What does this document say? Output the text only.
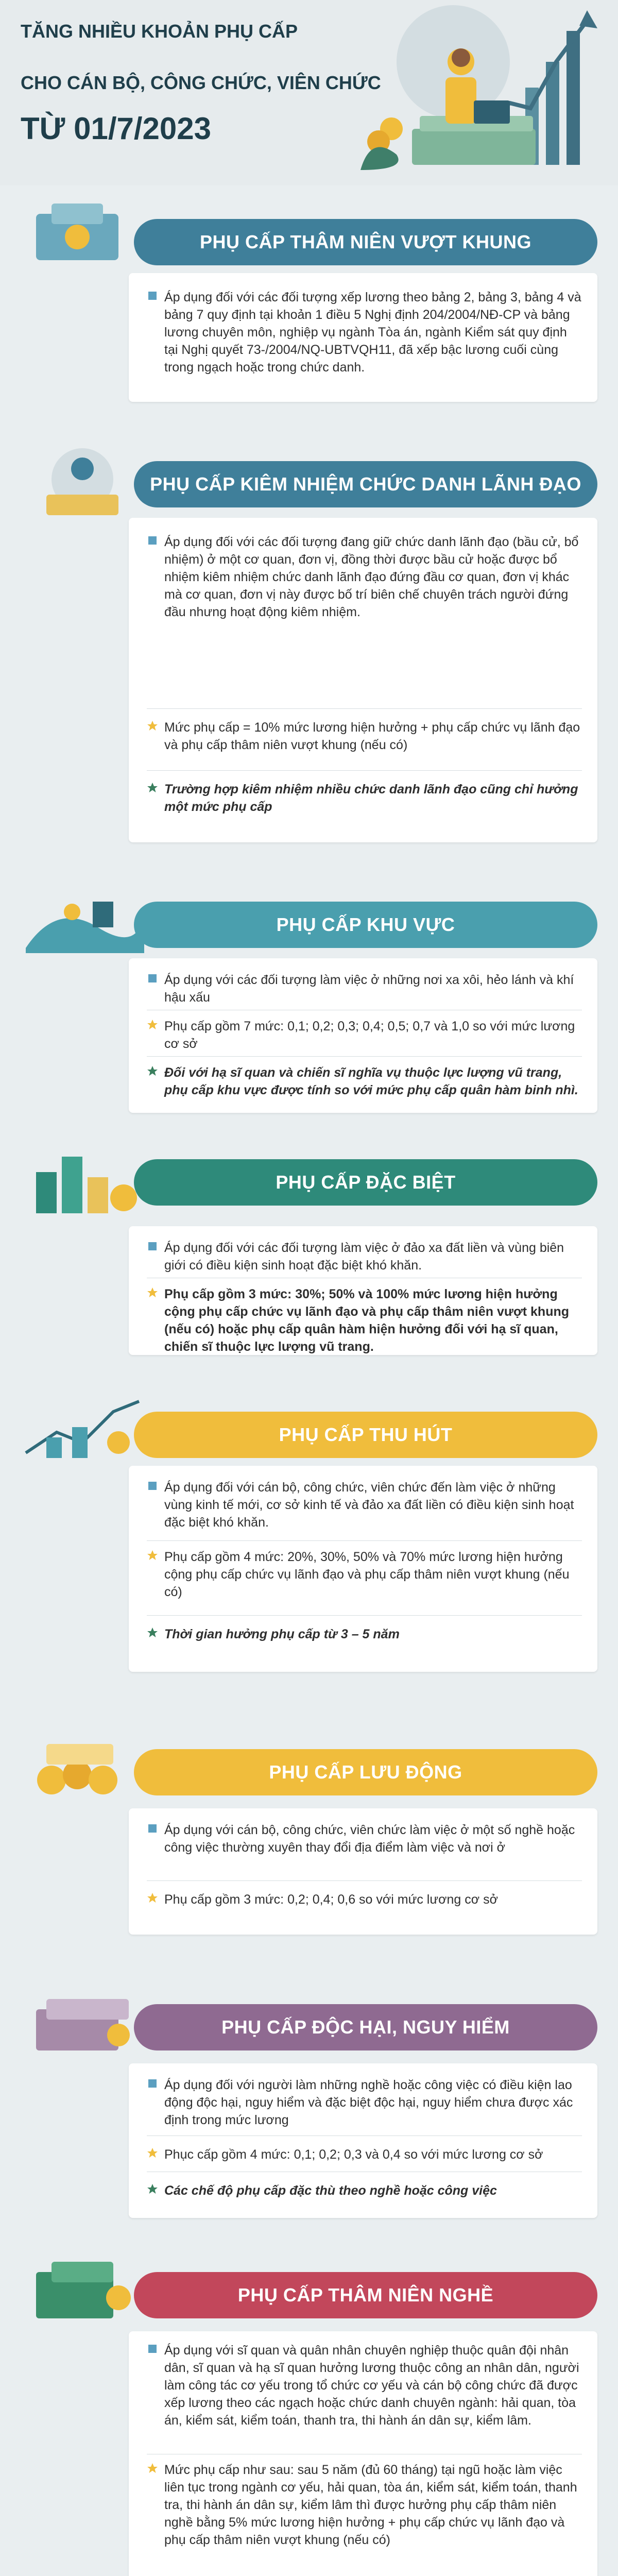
TĂNG NHIỀU KHOẢN PHỤ CẤP
CHO CÁN BỘ, CÔNG CHỨC, VIÊN CHỨC
TỪ 01/7/2023
PHỤ CẤP THÂM NIÊN VƯỢT KHUNG
Áp dụng đối với các đối tượng xếp lương theo bảng 2, bảng 3, bảng 4 và bảng 7 quy định tại khoản 1 điều 5 Nghị định 204/2004/NĐ-CP và bảng lương chuyên môn, nghiệp vụ ngành Tòa án, ngành Kiểm sát quy định tại Nghị quyết 73-/2004/NQ-UBTVQH11, đã xếp bậc lương cuối cùng trong ngạch hoặc trong chức danh.
PHỤ CẤP KIÊM NHIỆM CHỨC DANH LÃNH ĐẠO
Áp dụng đối với các đối tượng đang giữ chức danh lãnh đạo (bầu cử, bổ nhiệm) ở một cơ quan, đơn vị, đồng thời được bầu cử hoặc được bổ nhiệm kiêm nhiệm chức danh lãnh đạo đứng đầu cơ quan, đơn vị khác mà cơ quan, đơn vị này được bố trí biên chế chuyên trách người đứng đầu nhưng hoạt động kiêm nhiệm.
Mức phụ cấp = 10% mức lương hiện hưởng + phụ cấp chức vụ lãnh đạo và phụ cấp thâm niên vượt khung (nếu có)
Trường hợp kiêm nhiệm nhiều chức danh lãnh đạo cũng chỉ hưởng một mức phụ cấp
PHỤ CẤP KHU VỰC
Áp dụng với các đối tượng làm việc ở những nơi xa xôi, hẻo lánh và khí hậu xấu
Phụ cấp gồm 7 mức: 0,1; 0,2; 0,3; 0,4; 0,5; 0,7 và 1,0 so với mức lương cơ sở
Đối với hạ sĩ quan và chiến sĩ nghĩa vụ thuộc lực lượng vũ trang, phụ cấp khu vực được tính so với mức phụ cấp quân hàm binh nhì.
PHỤ CẤP ĐẶC BIỆT
Áp dụng đối với các đối tượng làm việc ở đảo xa đất liền và vùng biên giới có điều kiện sinh hoạt đặc biệt khó khăn.
Phụ cấp gồm 3 mức: 30%; 50% và 100% mức lương hiện hưởng cộng phụ cấp chức vụ lãnh đạo và phụ cấp thâm niên vượt khung (nếu có) hoặc phụ cấp quân hàm hiện hưởng đối với hạ sĩ quan, chiến sĩ thuộc lực lượng vũ trang.
PHỤ CẤP THU HÚT
Áp dụng đối với cán bộ, công chức, viên chức đến làm việc ở những vùng kinh tế mới, cơ sở kinh tế và đảo xa đất liền có điều kiện sinh hoạt đặc biệt khó khăn.
Phụ cấp gồm 4 mức: 20%, 30%, 50% và 70% mức lương hiện hưởng cộng phụ cấp chức vụ lãnh đạo và phụ cấp thâm niên vượt khung (nếu có)
Thời gian hưởng phụ cấp từ 3 – 5 năm
PHỤ CẤP LƯU ĐỘNG
Áp dụng với cán bộ, công chức, viên chức làm việc ở một số nghề hoặc công việc thường xuyên thay đổi địa điểm làm việc và nơi ở
Phụ cấp gồm 3 mức: 0,2; 0,4; 0,6 so với mức lương cơ sở
PHỤ CẤP ĐỘC HẠI, NGUY HIỂM
Áp dụng đối với người làm những nghề hoặc công việc có điều kiện lao động độc hại, nguy hiểm và đặc biệt độc hại, nguy hiểm chưa được xác định trong mức lương
Phục cấp gồm 4 mức: 0,1; 0,2; 0,3 và 0,4 so với mức lương cơ sở
Các chế độ phụ cấp đặc thù theo nghề hoặc công việc
PHỤ CẤP THÂM NIÊN NGHỀ
Áp dụng với sĩ quan và quân nhân chuyên nghiệp thuộc quân đội nhân dân, sĩ quan và hạ sĩ quan hưởng lương thuộc công an nhân dân, người làm công tác cơ yếu trong tổ chức cơ yếu và cán bộ công chức đã được xếp lương theo các ngạch hoặc chức danh chuyên ngành: hải quan, tòa án, kiểm sát, kiểm toán, thanh tra, thi hành án dân sự, kiểm lâm.
Mức phụ cấp như sau: sau 5 năm (đủ 60 tháng) tại ngũ hoặc làm việc liên tục trong ngành cơ yếu, hải quan, tòa án, kiểm sát, kiểm toán, thanh tra, thi hành án dân sự, kiểm lâm thì được hưởng phụ cấp thâm niên nghề bằng 5% mức lương hiện hưởng + phụ cấp chức vụ lãnh đạo và phụ cấp thâm niên vượt khung (nếu có)
